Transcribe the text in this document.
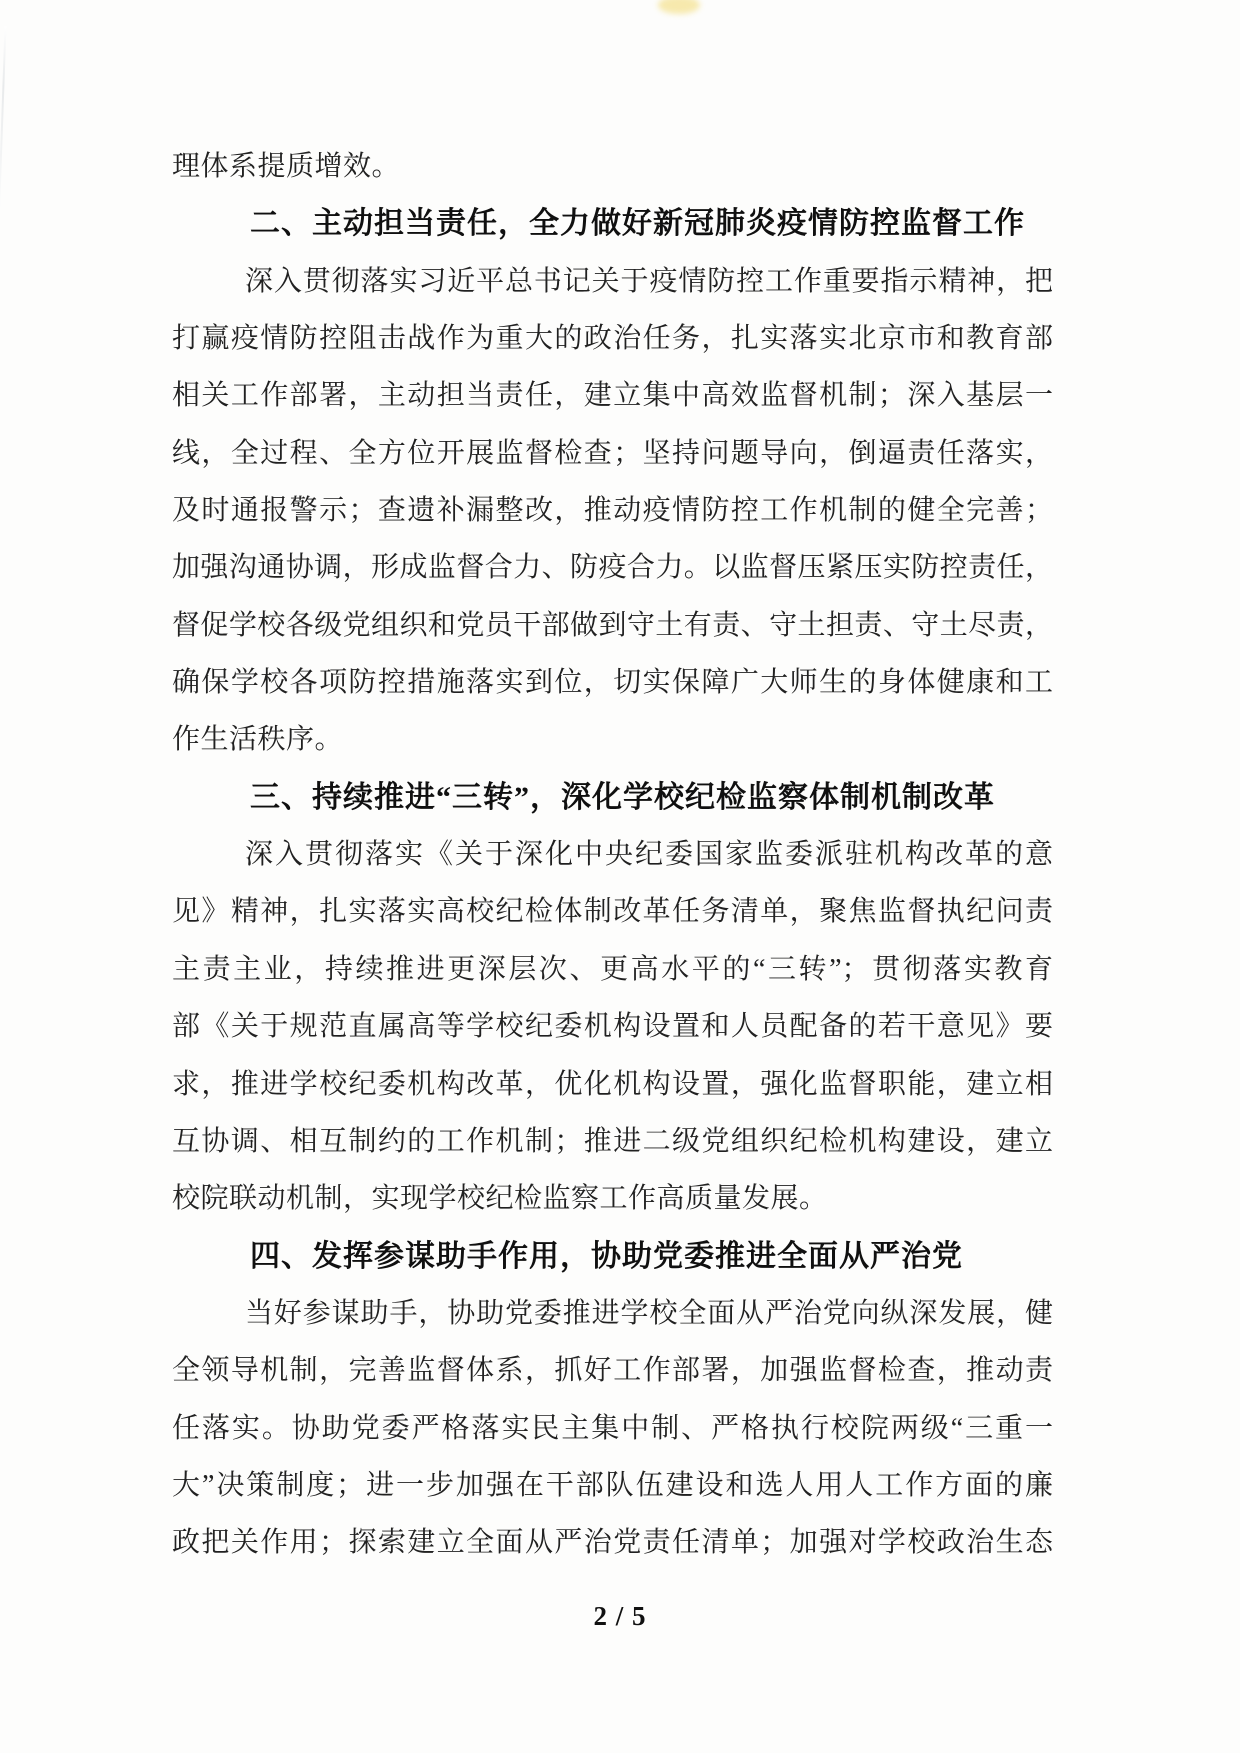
理体系提质增效。
二、主动担当责任，全力做好新冠肺炎疫情防控监督工作
深入贯彻落实习近平总书记关于疫情防控工作重要指示精神，把
打赢疫情防控阻击战作为重大的政治任务，扎实落实北京市和教育部
相关工作部署，主动担当责任，建立集中高效监督机制；深入基层一
线，全过程、全方位开展监督检查；坚持问题导向，倒逼责任落实，
及时通报警示；查遗补漏整改，推动疫情防控工作机制的健全完善；
加强沟通协调，形成监督合力、防疫合力。以监督压紧压实防控责任，
督促学校各级党组织和党员干部做到守土有责、守土担责、守土尽责，
确保学校各项防控措施落实到位，切实保障广大师生的身体健康和工
作生活秩序。
三、持续推进“三转”，深化学校纪检监察体制机制改革
深入贯彻落实《关于深化中央纪委国家监委派驻机构改革的意
见》精神，扎实落实高校纪检体制改革任务清单，聚焦监督执纪问责
主责主业，持续推进更深层次、更高水平的“三转”；贯彻落实教育
部《关于规范直属高等学校纪委机构设置和人员配备的若干意见》要
求，推进学校纪委机构改革，优化机构设置，强化监督职能，建立相
互协调、相互制约的工作机制；推进二级党组织纪检机构建设，建立
校院联动机制，实现学校纪检监察工作高质量发展。
四、发挥参谋助手作用，协助党委推进全面从严治党
当好参谋助手，协助党委推进学校全面从严治党向纵深发展，健
全领导机制，完善监督体系，抓好工作部署，加强监督检查，推动责
任落实。协助党委严格落实民主集中制、严格执行校院两级“三重一
大”决策制度；进一步加强在干部队伍建设和选人用人工作方面的廉
政把关作用；探索建立全面从严治党责任清单；加强对学校政治生态
2 / 5
